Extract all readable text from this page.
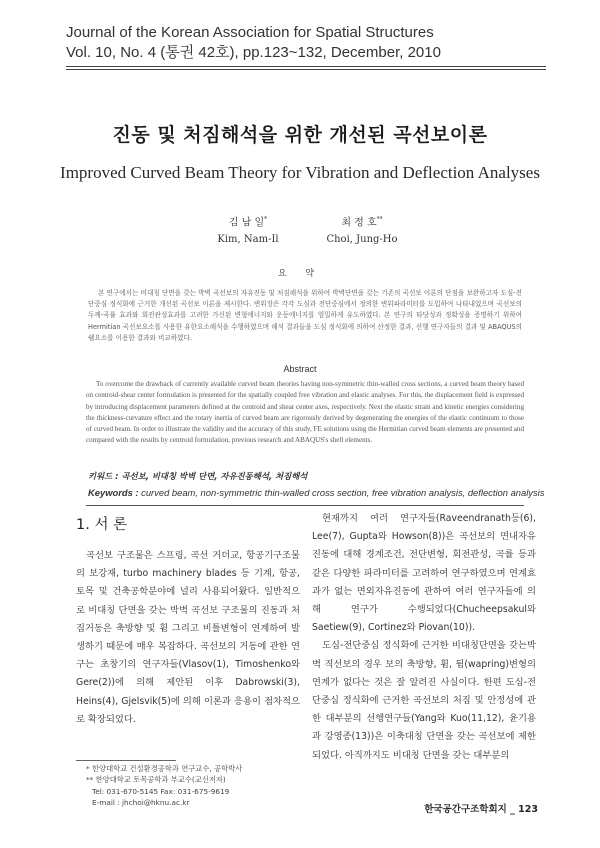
Journal of the Korean Association for Spatial Structures
Vol. 10, No. 4 (통권 42호), pp.123~132, December, 2010
진동 및 처짐해석을 위한 개선된 곡선보이론
Improved Curved Beam Theory for Vibration and Deflection Analyses
김 남 일*
Kim, Nam-Il
최 정 호**
Choi, Jung-Ho
요 약
본 연구에서는 비대칭 단면을 갖는 박벽 곡선보의 자유진동 및 처짐해석을 위하여 박벽단면을 갖는 기존의 곡선보 이론의 단점을 보완하고자 도심-전단중심 정식화에 근거한 개선된 곡선보 이론을 제시한다. 변위장은 각각 도심과 전단중심에서 정의한 변위파라미터를 도입하여 나타내었으며 곡선보의 두께-곡률 효과와 회전관성효과를 고려한 가신된 변형에너지와 운동에너지를 엄밀하게 유도하였다. 본 연구의 타당성과 정확성을 증명하기 위하여 Hermitian 곡선보요소를 사용한 유한요소해석을 수행하였으며 해석 결과들을 도심 정식화에 의하여 산정한 결과, 선행 연구자들의 결과 및 ABAQUS의 쉘요소를 이용한 결과와 비교하였다.
Abstract
To overcome the drawback of currently available curved beam theories having non-symmetric thin-walled cross sections, a curved beam theory based on centroid-shear center formulation is presented for the spatially coupled free vibration and elastic analyses. For this, the displacement field is expressed by introducing displacement parameters defined at the centroid and shear center axes, respectively. Next the elastic strain and kinetic energies considering the thickness-curvature effect and the rotary inertia of curved beam are rigorously derived by degenerating the energies of the elastic continuum to those of curved beam. In order to illustrate the validity and the accuracy of this study, FE solutions using the Hermitian curved beam elements are presented and compared with the results by centroid formulation, previous research and ABAQUS's shell elements.
키워드 : 곡선보, 비대칭 박벽 단면, 자유진동해석, 처짐해석
Keywords : curved beam, non-symmetric thin-walled cross section, free vibration analysis, deflection analysis
1. 서 론

곡선보 구조물은 스프링, 곡선 거더교, 항공기구조물의 보강재, turbo machinery blades 등 기계, 항공, 토목 및 건축공학분야에 널리 사용되어왔다. 일반적으로 비대칭 단면을 갖는 박벽 곡선보 구조물의 진동과 처짐거동은 축방향 및 휨 그리고 비틀변형이 연계하여 발생하기 때문에 매우 복잡하다. 곡선보의 거동에 관한 연구는 초창기의 연구자들(Vlasov(1), Timoshenko와 Gere(2))에 의해 제안된 이후 Dabrowski(3), Heins(4), Gjelsvik(5)에 의해 이론과 응용이 점차적으로 확장되었다.

현재까지 여러 연구자들(Raveendranath등(6), Lee(7), Gupta와 Howson(8))은 곡선보의 면내자유진동에 대해 경계조건, 전단변형, 회전관성, 곡률 등과 같은 다양한 파라미터를 고려하여 연구하였으며 연계효과가 없는 면외자유진동에 관하여 여러 연구자들에 의해 연구가 수행되었다(Chucheepsakul와 Saetiew(9), Cortinez와 Piovan(10)).

도심-전단중심 정식화에 근거한 비대칭단면을 갖는박벽 직선보의 경우 보의 축방향, 휨, 뒴(wapring)변형의 연계가 없다는 것은 잘 알려진 사실이다. 한편 도심-전단중심 정식화에 근거한 곡선보의 처짐 및 안정성에 관한 대부분의 선행연구들(Yang와 Kuo(11,12), 윤기용과 강영종(13))은 이축대칭 단면을 갖는 곡선보에 제한되었다. 아직까지도 비대칭 단면을 갖는 대부분의

* 한양대학교 건설환경공학과 연구교수, 공학박사
** 한양대학교 토목공학과 부교수(교신저자)
Tel: 031-670-5145 Fax: 031-675-9619
E-mail : jhchoi@hknu.ac.kr
한국공간구조학회지 _ 123
